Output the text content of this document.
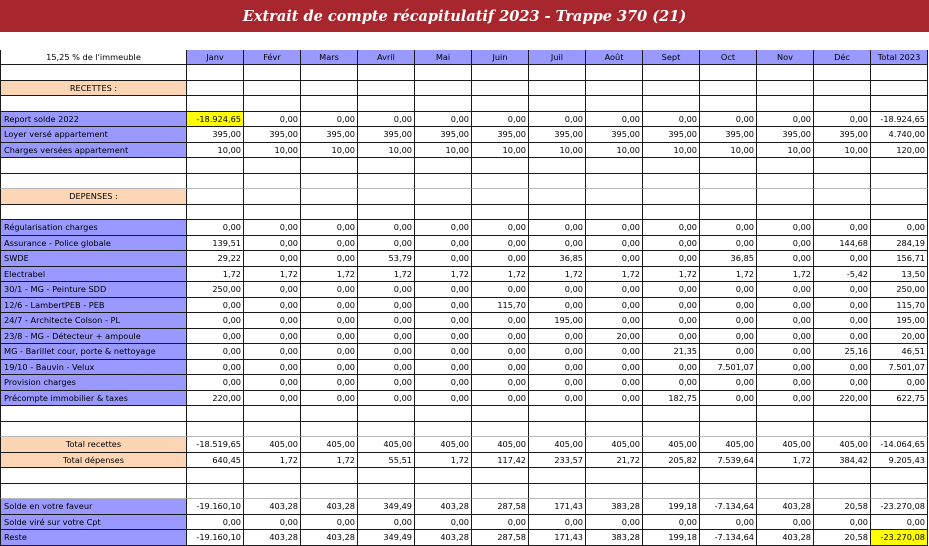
Extrait de compte récapitulatif 2023 - Trappe 370 (21)
15,25 % de l'immeuble	Janv	Févr	Mars	Avril	Mai	Juin	Juil	Août	Sept	Oct	Nov	Déc	Total 2023
RECETTES :
Report solde 2022	-18.924,65	0,00	0,00	0,00	0,00	0,00	0,00	0,00	0,00	0,00	0,00	0,00	-18.924,65
Loyer versé appartement	395,00	395,00	395,00	395,00	395,00	395,00	395,00	395,00	395,00	395,00	395,00	395,00	4.740,00
Charges versées appartement	10,00	10,00	10,00	10,00	10,00	10,00	10,00	10,00	10,00	10,00	10,00	10,00	120,00
DEPENSES :
Régularisation charges	0,00	0,00	0,00	0,00	0,00	0,00	0,00	0,00	0,00	0,00	0,00	0,00	0,00
Assurance - Police globale	139,51	0,00	0,00	0,00	0,00	0,00	0,00	0,00	0,00	0,00	0,00	144,68	284,19
SWDE	29,22	0,00	0,00	53,79	0,00	0,00	36,85	0,00	0,00	36,85	0,00	0,00	156,71
Electrabel	1,72	1,72	1,72	1,72	1,72	1,72	1,72	1,72	1,72	1,72	1,72	-5,42	13,50
30/1 - MG - Peinture SDD	250,00	0,00	0,00	0,00	0,00	0,00	0,00	0,00	0,00	0,00	0,00	0,00	250,00
12/6 - LambertPEB - PEB	0,00	0,00	0,00	0,00	0,00	115,70	0,00	0,00	0,00	0,00	0,00	0,00	115,70
24/7 - Architecte Colson - PL	0,00	0,00	0,00	0,00	0,00	0,00	195,00	0,00	0,00	0,00	0,00	0,00	195,00
23/8 - MG - Détecteur + ampoule	0,00	0,00	0,00	0,00	0,00	0,00	0,00	20,00	0,00	0,00	0,00	0,00	20,00
MG - Barillet cour, porte & nettoyage	0,00	0,00	0,00	0,00	0,00	0,00	0,00	0,00	21,35	0,00	0,00	25,16	46,51
19/10 - Bauvin - Velux	0,00	0,00	0,00	0,00	0,00	0,00	0,00	0,00	0,00	7.501,07	0,00	0,00	7.501,07
Provision charges	0,00	0,00	0,00	0,00	0,00	0,00	0,00	0,00	0,00	0,00	0,00	0,00	0,00
Précompte immobilier & taxes	220,00	0,00	0,00	0,00	0,00	0,00	0,00	0,00	182,75	0,00	0,00	220,00	622,75
Total recettes	-18.519,65	405,00	405,00	405,00	405,00	405,00	405,00	405,00	405,00	405,00	405,00	405,00	-14.064,65
Total dépenses	640,45	1,72	1,72	55,51	1,72	117,42	233,57	21,72	205,82	7.539,64	1,72	384,42	9.205,43
Solde en votre faveur	-19.160,10	403,28	403,28	349,49	403,28	287,58	171,43	383,28	199,18	-7.134,64	403,28	20,58	-23.270,08
Solde viré sur votre Cpt	0,00	0,00	0,00	0,00	0,00	0,00	0,00	0,00	0,00	0,00	0,00	0,00	0,00
Reste	-19.160,10	403,28	403,28	349,49	403,28	287,58	171,43	383,28	199,18	-7.134,64	403,28	20,58	-23.270,08
